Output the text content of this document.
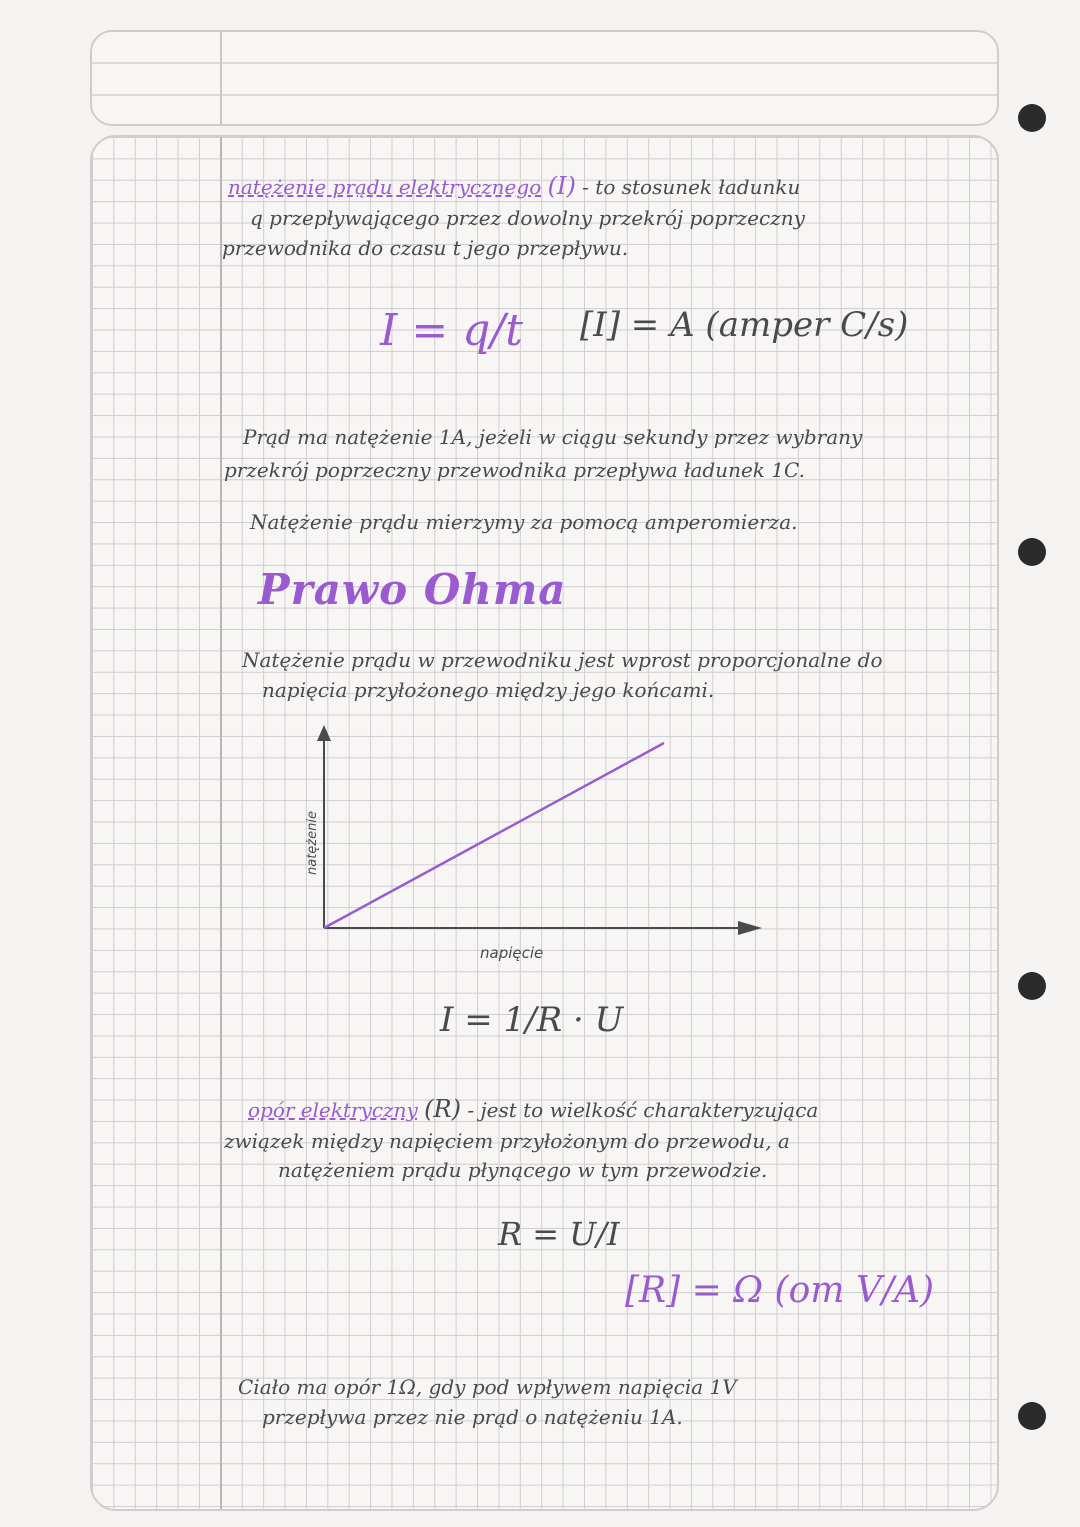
natężenie prądu elektrycznego (I) - to stosunek ładunku
q przepływającego przez dowolny przekrój poprzeczny
przewodnika do czasu t jego przepływu.
I = q/t [I] = A (amper C/s)
Prąd ma natężenie 1A, jeżeli w ciągu sekundy przez wybrany
przekrój poprzeczny przewodnika przepływa ładunek 1C.
Natężenie prądu mierzymy za pomocą amperomierza.
Prawo Ohma
Natężenie prądu w przewodniku jest wprost proporcjonalne do
napięcia przyłożonego między jego końcami.
napięcie
natężenie
I = 1/R · U
opór elektryczny (R) - jest to wielkość charakteryzująca
związek między napięciem przyłożonym do przewodu, a
natężeniem prądu płynącego w tym przewodzie.
R = U/I
[R] = Ω (om V/A)
Ciało ma opór 1Ω, gdy pod wpływem napięcia 1V
przepływa przez nie prąd o natężeniu 1A.
